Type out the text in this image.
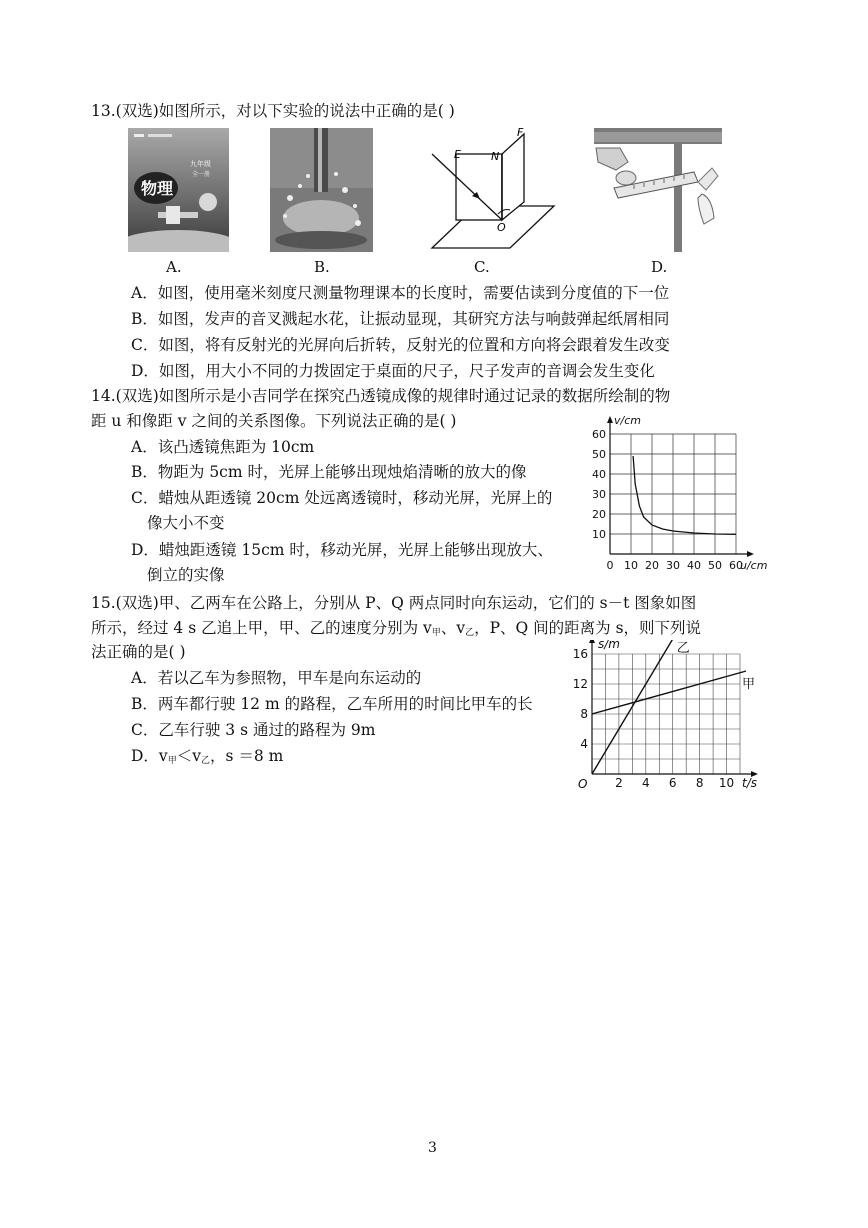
13.(双选)如图所示，对以下实验的说法中正确的是( )
九年级
全一册
物理
A.	B.
E	N
F
O
C.	D.
A．如图，使用毫米刻度尺测量物理课本的长度时，需要估读到分度值的下一位
B．如图，发声的音叉溅起水花，让振动显现，其研究方法与响鼓弹起纸屑相同
C．如图，将有反射光的光屏向后折转，反射光的位置和方向将会跟着发生改变
D．如图，用大小不同的力拨固定于桌面的尺子，尺子发声的音调会发生变化
14.(双选)如图所示是小吉同学在探究凸透镜成像的规律时通过记录的数据所绘制的物
距 u 和像距 v 之间的关系图像。下列说法正确的是( )
A．该凸透镜焦距为 10cm
B．物距为 5cm 时，光屏上能够出现烛焰清晰的放大的像
C．蜡烛从距透镜 20cm 处远离透镜时，移动光屏，光屏上的
像大小不变
D．蜡烛距透镜 15cm 时，移动光屏，光屏上能够出现放大、
倒立的实像
0 10 20 30 40 50 60
10
20
30
40
50
60
v/cm
u/cm
15.(双选)甲、乙两车在公路上，分别从 P、Q 两点同时向东运动，它们的 s－t 图象如图
所示，经过 4 s 乙追上甲，甲、乙的速度分别为 $v_甲$、$v_乙$，P、Q 间的距离为 s，则下列说
法正确的是( )
A．若以乙车为参照物，甲车是向东运动的
B．两车都行驶 12 m 的路程，乙车所用的时间比甲车的长
C．乙车行驶 3 s 通过的路程为 9m
D．$v_甲<v_乙$，s ＝8 m
2 4 6 8 10
4
8
12
16
O
s/m
t/s
乙
甲
3
